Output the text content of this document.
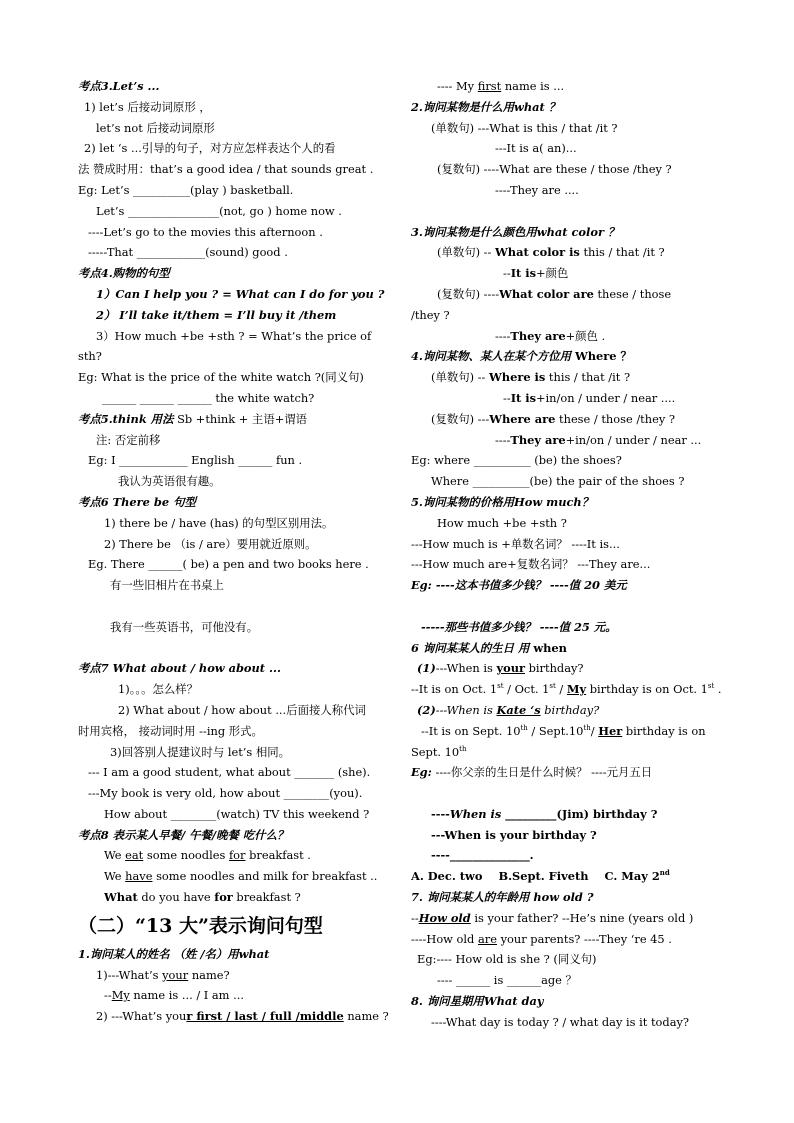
考点3.Let’s ...
1) let’s 后接动词原形 ，
let’s not 后接动词原形
2) let ‘s ...引导的句子，对方应怎样表达个人的看
法 赞成时用：that’s a good idea / that sounds great .
Eg: Let’s __________(play ) basketball.
Let’s ________________(not, go ) home now .
----Let’s go to the movies this afternoon .
-----That ____________(sound) good .
考点4.购物的句型
1）Can I help you ? = What can I do for you ?
2） I’ll take it/them = I’ll buy it /them
3）How much +be +sth ? = What’s the price of
sth?
Eg: What is the price of the white watch ?(同义句)
______ ______ ______ the white watch?
考点5.think 用法 Sb +think + 主语+谓语
注: 否定前移
Eg: I ____________ English ______ fun .
我认为英语很有趣。
考点6 There be 句型
1) there be / have (has) 的句型区别用法。
2) There be （is / are）要用就近原则。
Eg. There ______( be) a pen and two books here .
有一些旧相片在书桌上
我有一些英语书，可他没有。
考点7 What about / how about ...
1)。。。怎么样？
2) What about / how about ...后面接人称代词
时用宾格， 接动词时用 --ing 形式。
3)回答别人提建议时与 let’s 相同。
--- I am a good student, what about _______ (she).
---My book is very old, how about ________(you).
How about ________(watch) TV this weekend ?
考点8 表示某人早餐/ 午餐/晚餐 吃什么？
We eat some noodles for breakfast .
We have some noodles and milk for breakfast ..
What do you have for breakfast ?
（二）“13 大”表示询问句型
1.询问某人的姓名 （姓 /名）用what
1)---What’s your name?
--My name is ... / I am ...
2) ---What’s your first / last / full /middle name ?
---- My first name is ...
2.询问某物是什么用what ？
(单数句) ---What is this / that /it ?
---It is a( an)...
(复数句) ----What are these / those /they ?
----They are ....
3.询问某物是什么颜色用what color ？
(单数句) -- What color is this / that /it ?
--It is+颜色
(复数句) ----What color are these / those
/they ?
----They are+颜色 .
4.询问某物、某人在某个方位用 Where ？
(单数句) -- Where is this / that /it ?
--It is+in/on / under / near ....
(复数句) ---Where are these / those /they ?
----They are+in/on / under / near ...
Eg: where __________ (be) the shoes?
Where __________(be) the pair of the shoes ?
5.询问某物的价格用How much？
How much +be +sth ?
---How much is +单数名词？ ----It is...
---How much are+复数名词？ ---They are...
Eg: ----这本书值多少钱？ ----值 20 美元
-----那些书值多少钱？ ----值 25 元。
6 询问某某人的生日 用 when
(1)---When is your birthday?
--It is on Oct. 1st / Oct. 1st / My birthday is on Oct. 1st .
(2)---When is Kate ‘s birthday?
--It is on Sept. 10th / Sept.10th/ Her birthday is on
Sept. 10th
Eg: ----你父亲的生日是什么时候？ ----元月五日
----When is _________(Jim) birthday ?
---When is your birthday ?
----______________.
A. Dec. two B.Sept. Fiveth C. May 2nd
7. 询问某某人的年龄用 how old ?
--How old is your father? --He’s nine (years old )
----How old are your parents? ----They ‘re 45 .
Eg:---- How old is she ? (同义句)
---- ______ is ______age ？
8. 询问星期用What day
----What day is today ? / what day is it today?
